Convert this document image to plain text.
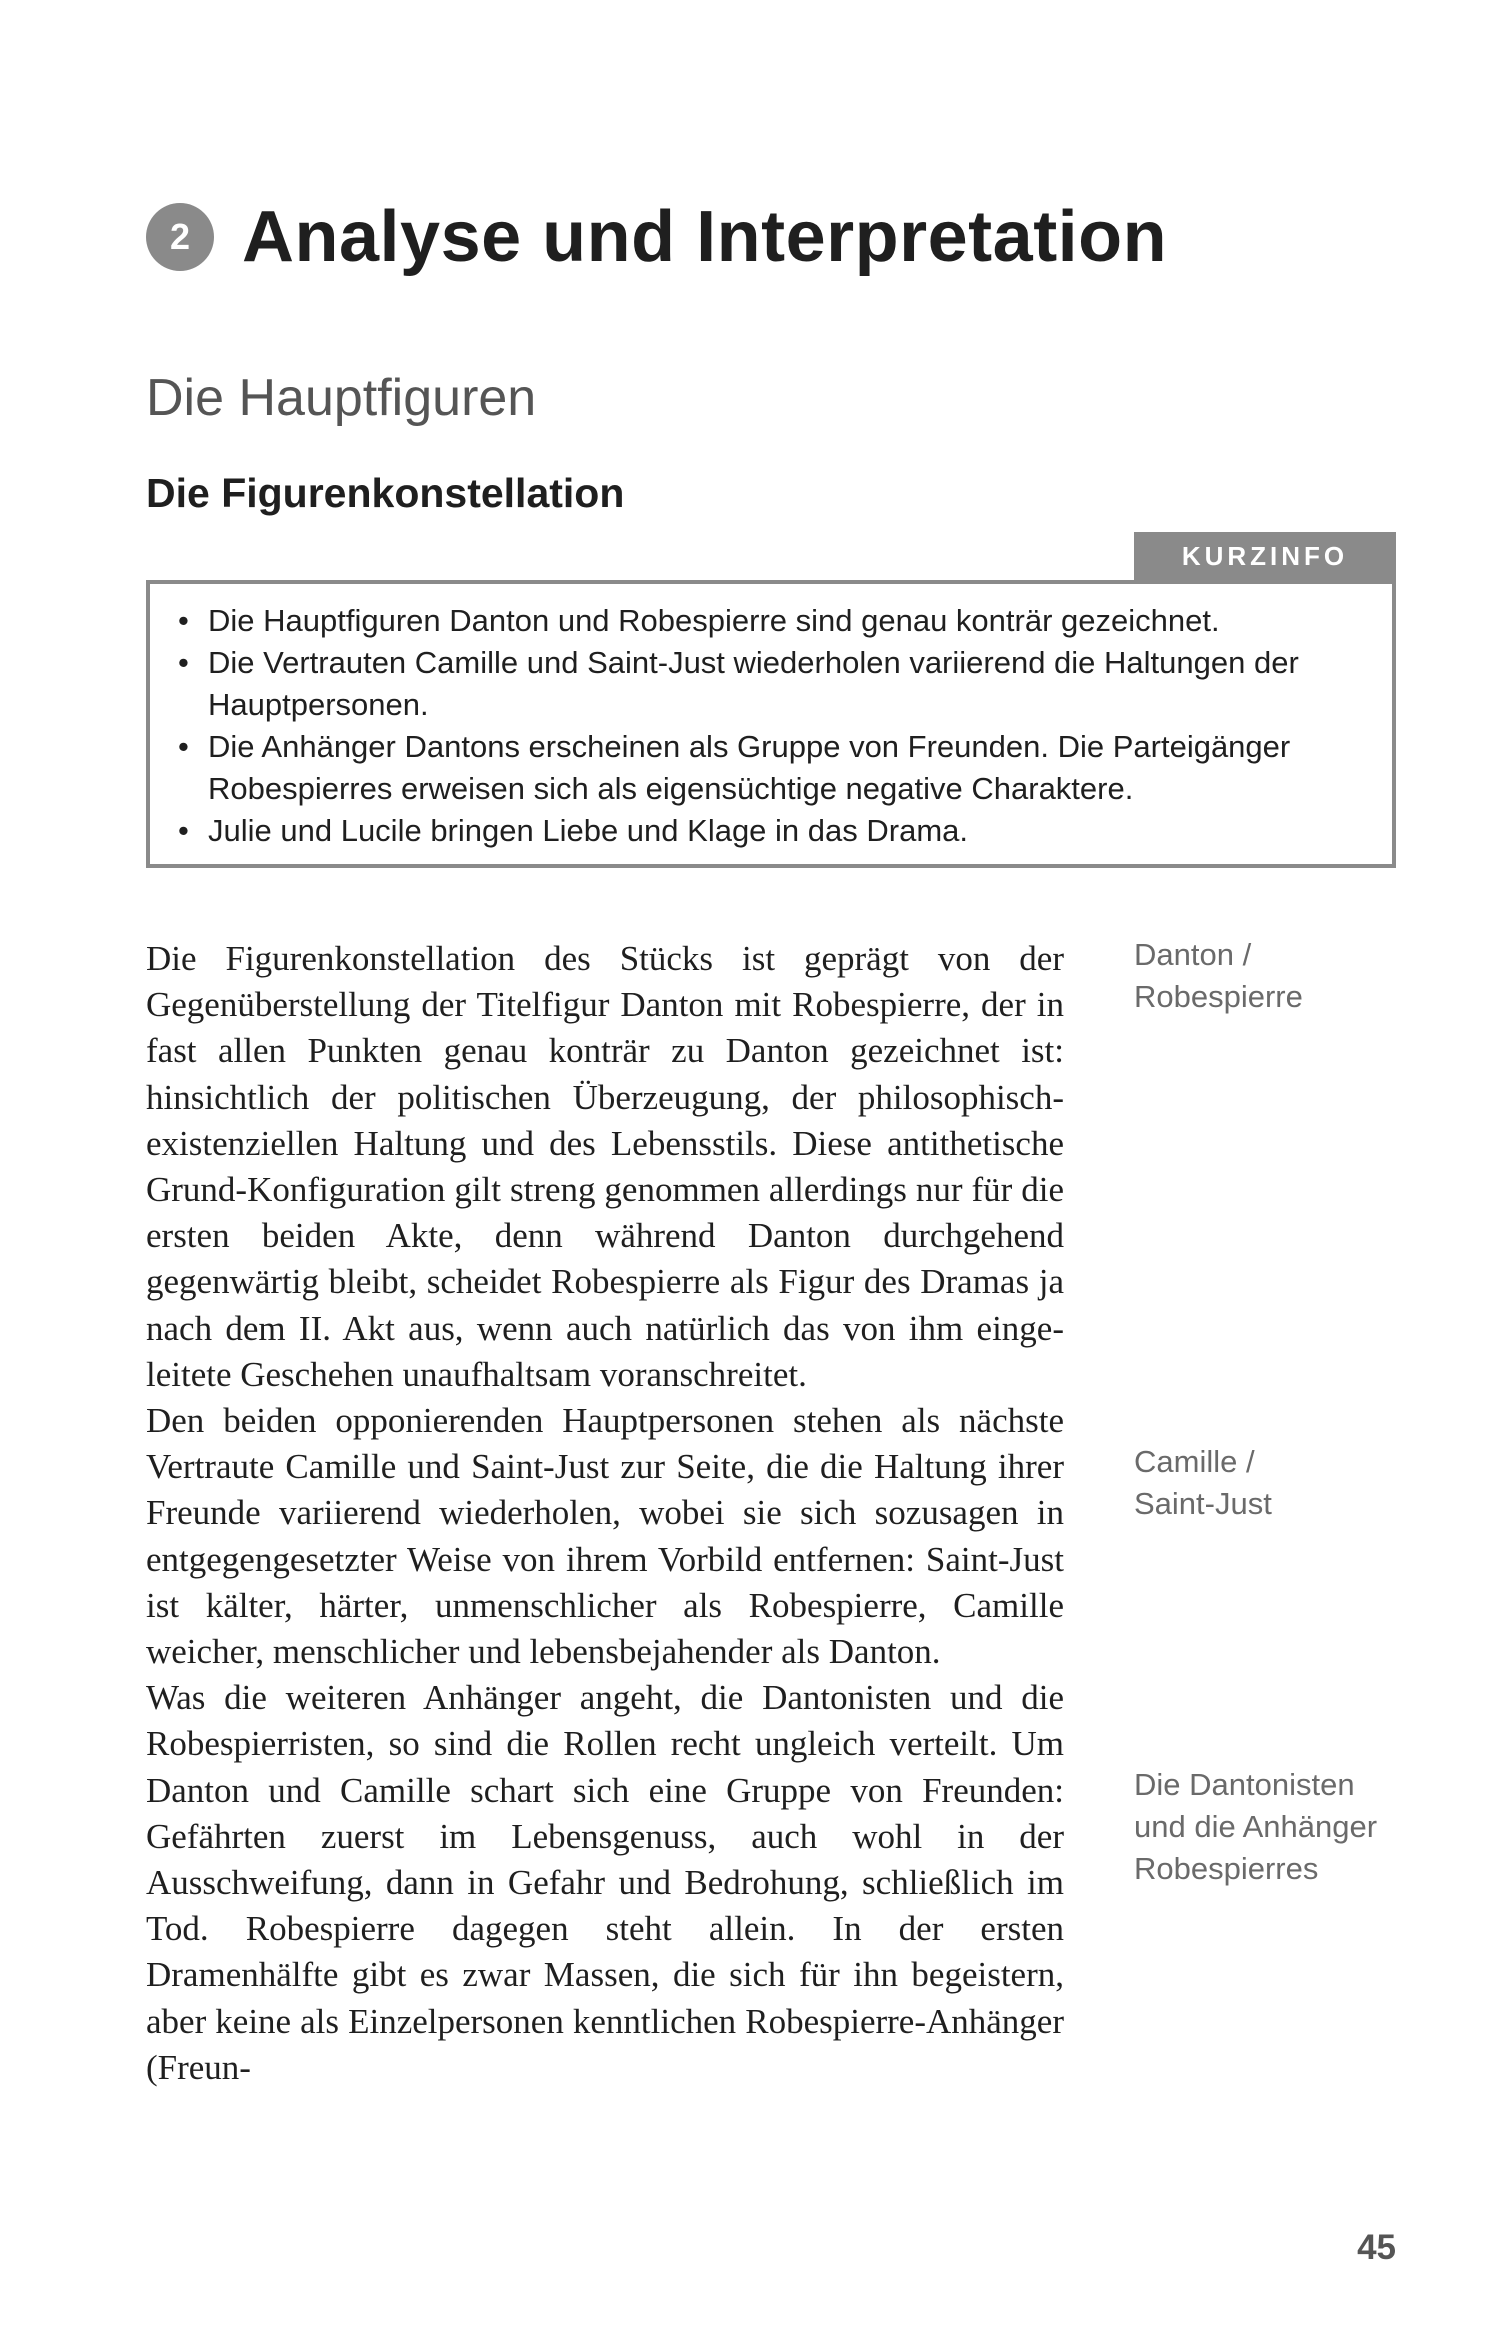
2 Analyse und Interpretation
Die Hauptfiguren
Die Figurenkonstellation
KURZINFO
• Die Hauptfiguren Danton und Robespierre sind genau konträr gezeichnet.
• Die Vertrauten Camille und Saint-Just wiederholen variierend die Haltungen der Hauptpersonen.
• Die Anhänger Dantons erscheinen als Gruppe von Freunden. Die Parteigänger Robespierres erweisen sich als eigensüchtige negative Charaktere.
• Julie und Lucile bringen Liebe und Klage in das Drama.

Die Figurenkonstellation des Stücks ist geprägt von der Gegenüberstellung der Titelfigur Danton mit Robespierre, der in fast allen Punkten genau konträr zu Danton gezeichnet ist: hinsichtlich der politischen Überzeugung, der philosophisch-existenziellen Haltung und des Lebensstils. Diese antithetische Grund-Konfiguration gilt streng genommen allerdings nur für die ersten beiden Akte, denn während Danton durchgehend gegenwärtig bleibt, scheidet Robespierre als Figur des Dramas ja nach dem II. Akt aus, wenn auch natürlich das von ihm eingeleitete Geschehen unaufhaltsam voranschreitet.

Den beiden opponierenden Hauptpersonen stehen als nächste Vertraute Camille und Saint-Just zur Seite, die die Haltung ihrer Freunde variierend wiederholen, wobei sie sich sozusagen in entgegengesetzter Weise von ihrem Vorbild entfernen: Saint-Just ist kälter, härter, unmenschlicher als Robespierre, Camille weicher, menschlicher und lebensbejahender als Danton.

Was die weiteren Anhänger angeht, die Dantonisten und die Robespierristen, so sind die Rollen recht ungleich verteilt. Um Danton und Camille schart sich eine Gruppe von Freunden: Gefährten zuerst im Lebensgenuss, auch wohl in der Ausschweifung, dann in Gefahr und Bedrohung, schließlich im Tod. Robespierre dagegen steht allein. In der ersten Dramenhälfte gibt es zwar Massen, die sich für ihn begeistern, aber keine als Einzelpersonen kenntlichen Robespierre-Anhänger (Freun-

Danton /
Robespierre
Camille /
Saint-Just
Die Dantonisten
und die Anhänger
Robespierres
45
